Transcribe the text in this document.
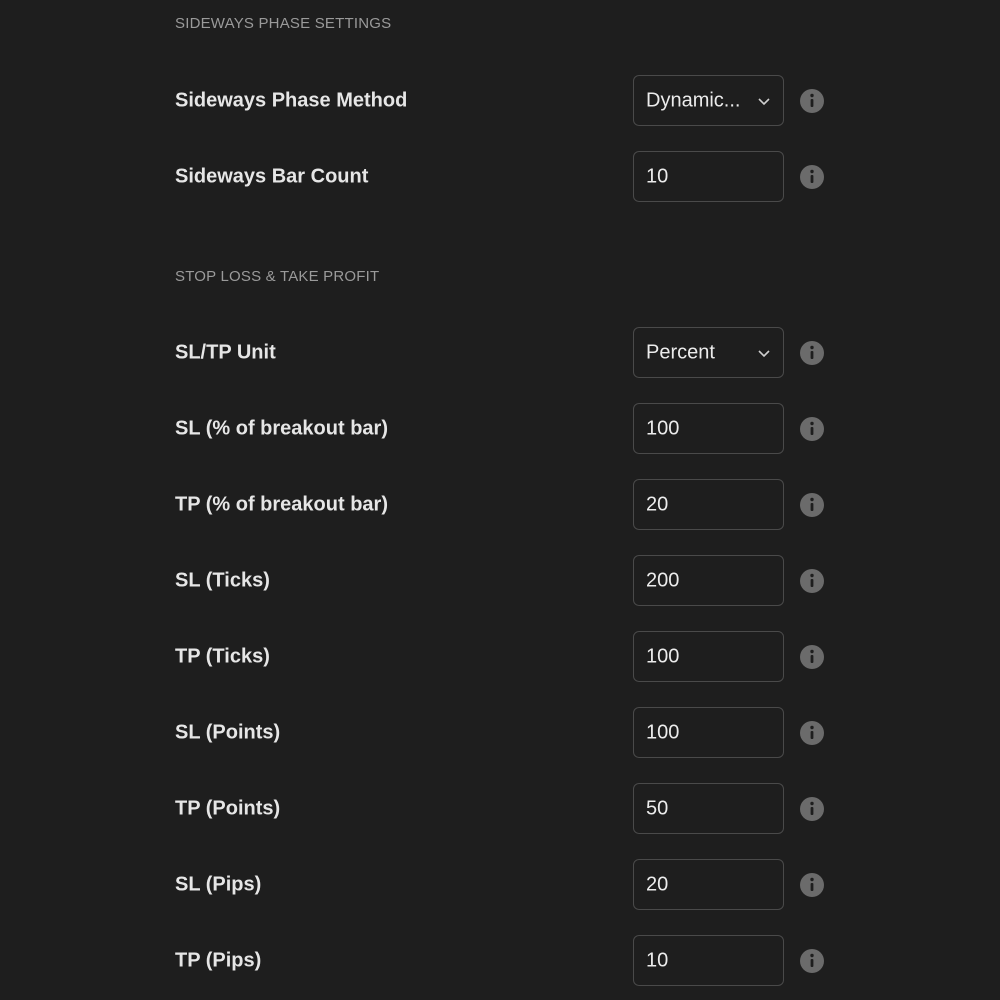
SIDEWAYS PHASE SETTINGS
Sideways Phase Method	Dynamic...
Sideways Bar Count	10
STOP LOSS & TAKE PROFIT
SL/TP Unit	Percent
SL (% of breakout bar)	100
TP (% of breakout bar)	20
SL (Ticks)	200
TP (Ticks)	100
SL (Points)	100
TP (Points)	50
SL (Pips)	20
TP (Pips)	10
